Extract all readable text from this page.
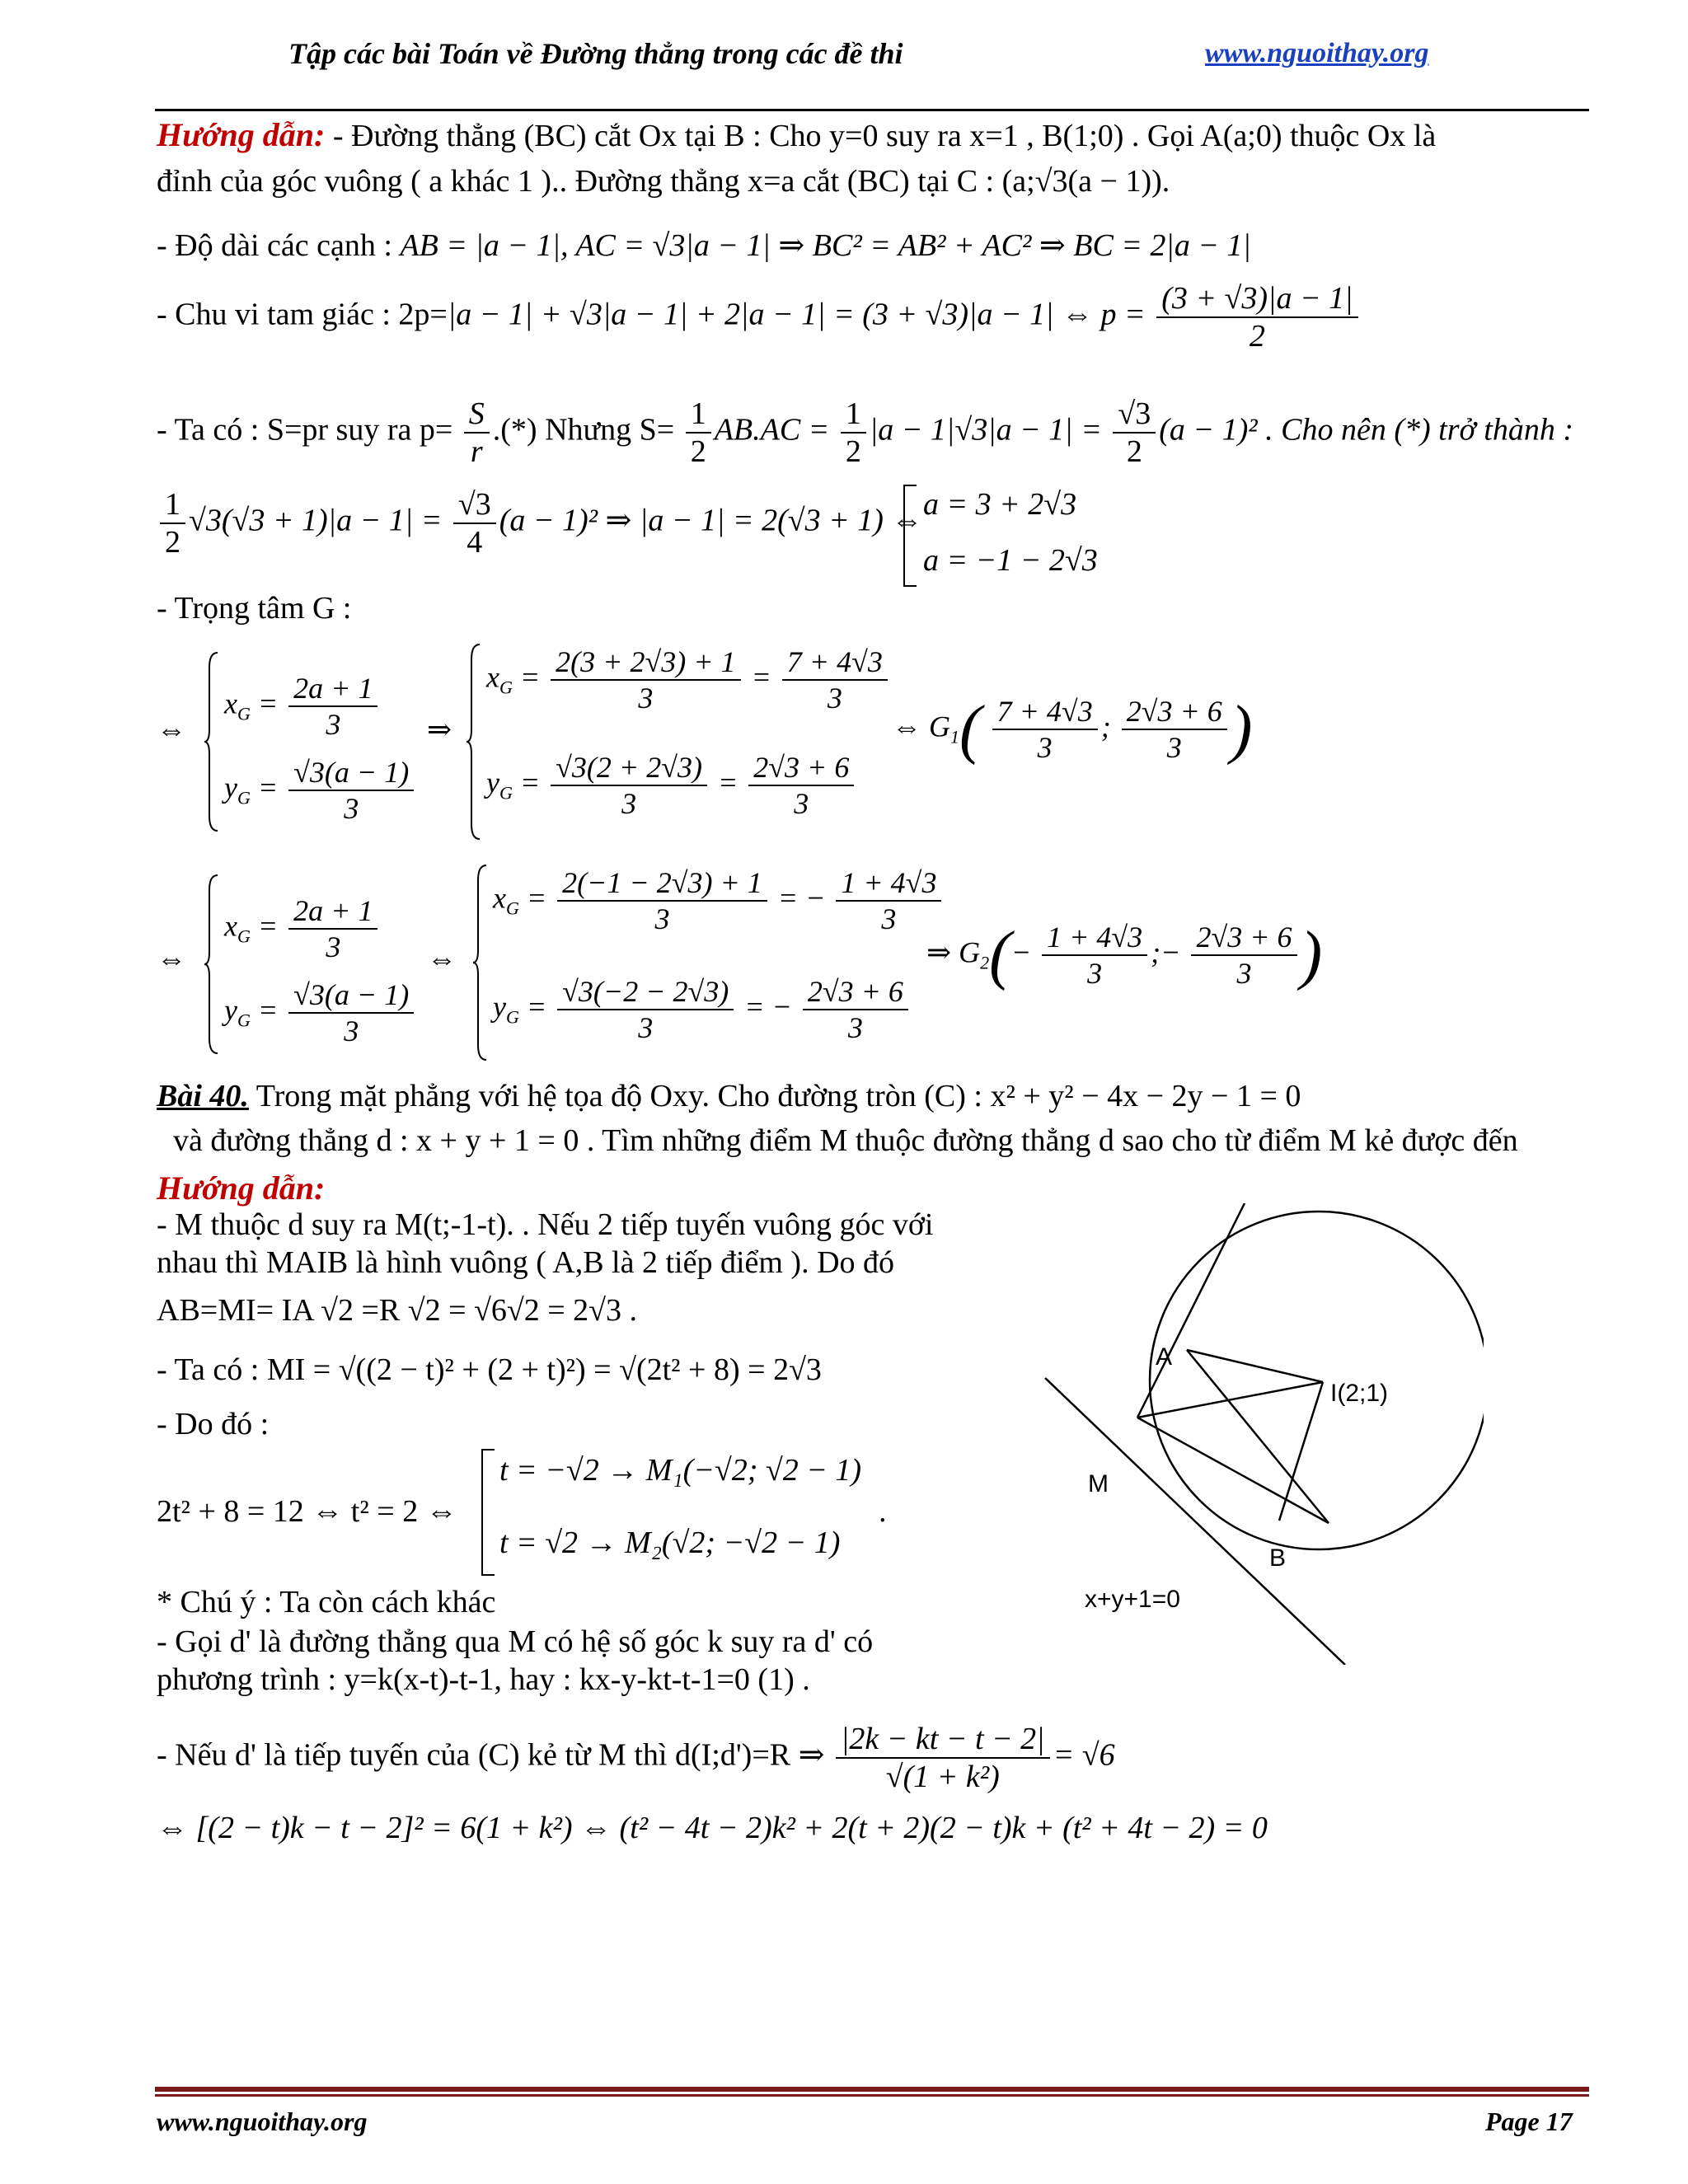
Tập các bài Toán về Đường thẳng trong các đề thi	www.nguoithay.org
Hướng dẫn: - Đường thẳng (BC) cắt Ox tại B : Cho y=0 suy ra x=1 , B(1;0) . Gọi A(a;0) thuộc Ox là
đỉnh của góc vuông ( a khác 1 ).. Đường thẳng x=a cắt (BC) tại C : (a;√3(a − 1)).
- Độ dài các cạnh : AB = |a − 1|, AC = √3|a − 1| ⇒ BC² = AB² + AC² ⇒ BC = 2|a − 1|
- Chu vi tam giác : 2p=|a − 1| + √3|a − 1| + 2|a − 1| = (3 + √3)|a − 1| ⇔ $p = \frac{(3 + √3)|a - 1|}{2}$
- Ta có : S=pr suy ra $p= \frac{S}{r}$ .(*) Nhưng $S= \frac{1}{2} AB.AC = \frac{1}{2} |a - 1|√3|a - 1| = \frac{√3}{2} (a - 1)^2$ . Cho nên (*) trở thành :
$\frac{1}{2} √3(√3 + 1)|a - 1| = \frac{√3}{4} (a - 1)^2$ ⇒ |a − 1| = 2(√3 + 1) ⇔ a = 3 + 2√3
a = −1 − 2√3
- Trọng tâm G :
⇔
$x_G = \frac{2a + 1}{3}$
$y_G = \frac{√3(a - 1)}{3}$
⇒
$x_G = \frac{2(3 + 2√3) + 1}{3} = \frac{7 + 4√3}{3}$
$y_G = \frac{√3(2 + 2√3)}{3} = \frac{2√3 + 6}{3}$
⇔ $G_1( \frac{7 + 4√3}{3}$ ; $\frac{2√3 + 6}{3}$ )
⇔
$x_G = \frac{2a + 1}{3}$
$y_G = \frac{√3(a - 1)}{3}$
⇔
$x_G = \frac{2(-1 - 2√3) + 1}{3}$ = − $\frac{1 + 4√3}{3}$
$y_G = \frac{√3(-2 - 2√3)}{3}$ = − $\frac{2√3 + 6}{3}$
⇒ $G_2(- \frac{1 + 4√3}{3}$ ;− $\frac{2√3 + 6}{3}$ )
Bài 40. Trong mặt phẳng với hệ tọa độ Oxy. Cho đường tròn (C) : x² + y² − 4x − 2y − 1 = 0
và đường thẳng d : x + y + 1 = 0 . Tìm những điểm M thuộc đường thẳng d sao cho từ điểm M kẻ được đến
Hướng dẫn:
- M thuộc d suy ra M(t;-1-t). . Nếu 2 tiếp tuyến vuông góc với
nhau thì MAIB là hình vuông ( A,B là 2 tiếp điểm ). Do đó
AB=MI= IA √2 =R √2 = √6√2 = 2√3 .
- Ta có : MI = √((2 − t)² + (2 + t)²) = √(2t² + 8) = 2√3
- Do đó :
2t² + 8 = 12 ⇔ t² = 2 ⇔
t = −√2 → M₁(−√2; √2 − 1)
t = √2 → M₂(√2; −√2 − 1)
.
* Chú ý : Ta còn cách khác
- Gọi d' là đường thẳng qua M có hệ số góc k suy ra d' có
phương trình : y=k(x-t)-t-1, hay : kx-y-kt-t-1=0 (1) .
- Nếu d' là tiếp tuyến của (C) kẻ từ M thì d(I;d')=R ⇒ $\frac{|2k - kt - t - 2|}{\text{√(1 + k²)}} = √6$
⇔ [(2 − t)k − t − 2]² = 6(1 + k²) ⇔ (t² − 4t − 2)k² + 2(t + 2)(2 − t)k + (t² + 4t − 2) = 0
A
I(2;1)
M
B
x+y+1=0
www.nguoithay.org	Page 17
